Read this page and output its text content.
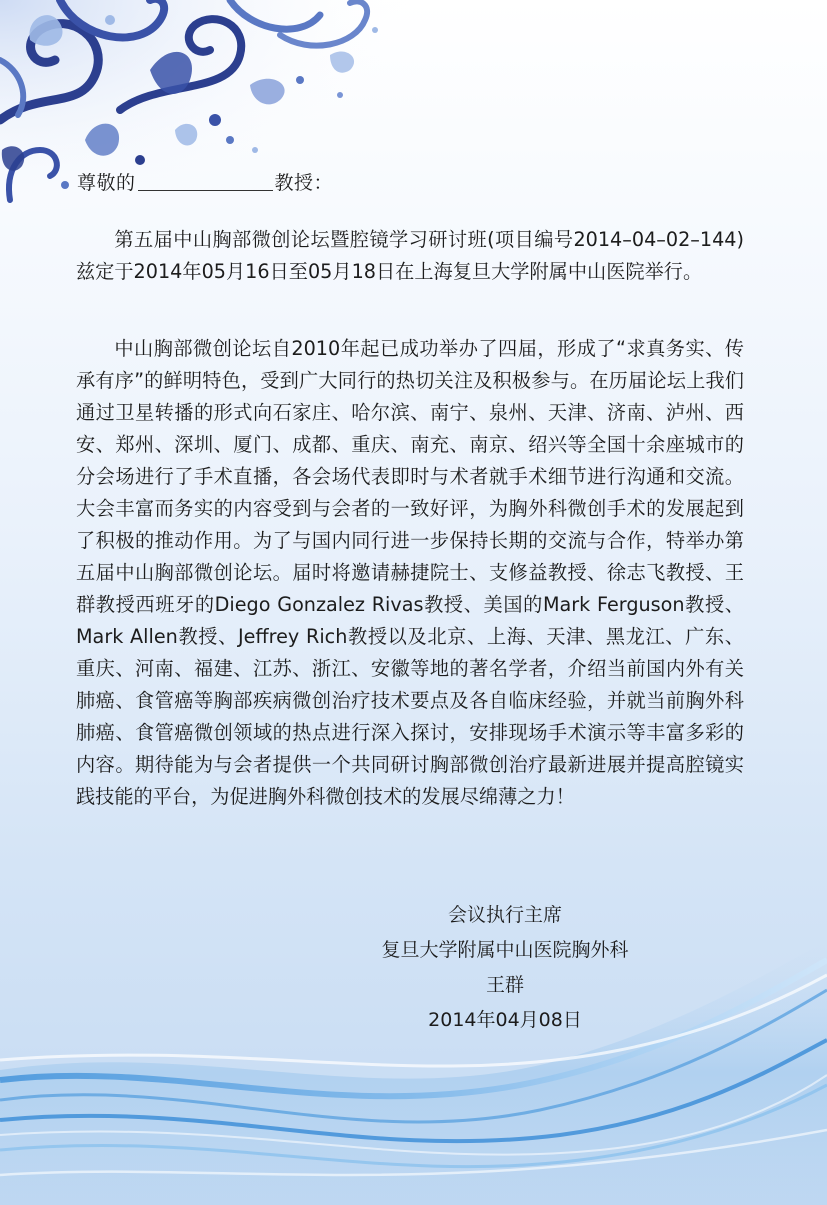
尊敬的	教授：

第五届中山胸部微创论坛暨腔镜学习研讨班(项目编号2014–04–02–144)兹定于2014年05月16日至05月18日在上海复旦大学附属中山医院举行。

中山胸部微创论坛自2010年起已成功举办了四届，形成了“求真务实、传承有序”的鲜明特色，受到广大同行的热切关注及积极参与。在历届论坛上我们通过卫星转播的形式向石家庄、哈尔滨、南宁、泉州、天津、济南、泸州、西安、郑州、深圳、厦门、成都、重庆、南充、南京、绍兴等全国十余座城市的分会场进行了手术直播，各会场代表即时与术者就手术细节进行沟通和交流。大会丰富而务实的内容受到与会者的一致好评，为胸外科微创手术的发展起到了积极的推动作用。为了与国内同行进一步保持长期的交流与合作，特举办第五届中山胸部微创论坛。届时将邀请赫捷院士、支修益教授、徐志飞教授、王群教授西班牙的Diego Gonzalez Rivas教授、美国的Mark Ferguson教授、Mark Allen教授、Jeffrey Rich教授以及北京、上海、天津、黑龙江、广东、重庆、河南、福建、江苏、浙江、安徽等地的著名学者，介绍当前国内外有关肺癌、食管癌等胸部疾病微创治疗技术要点及各自临床经验，并就当前胸外科肺癌、食管癌微创领域的热点进行深入探讨，安排现场手术演示等丰富多彩的内容。期待能为与会者提供一个共同研讨胸部微创治疗最新进展并提高腔镜实践技能的平台，为促进胸外科微创技术的发展尽绵薄之力！

会议执行主席
复旦大学附属中山医院胸外科
王群
2014年04月08日
